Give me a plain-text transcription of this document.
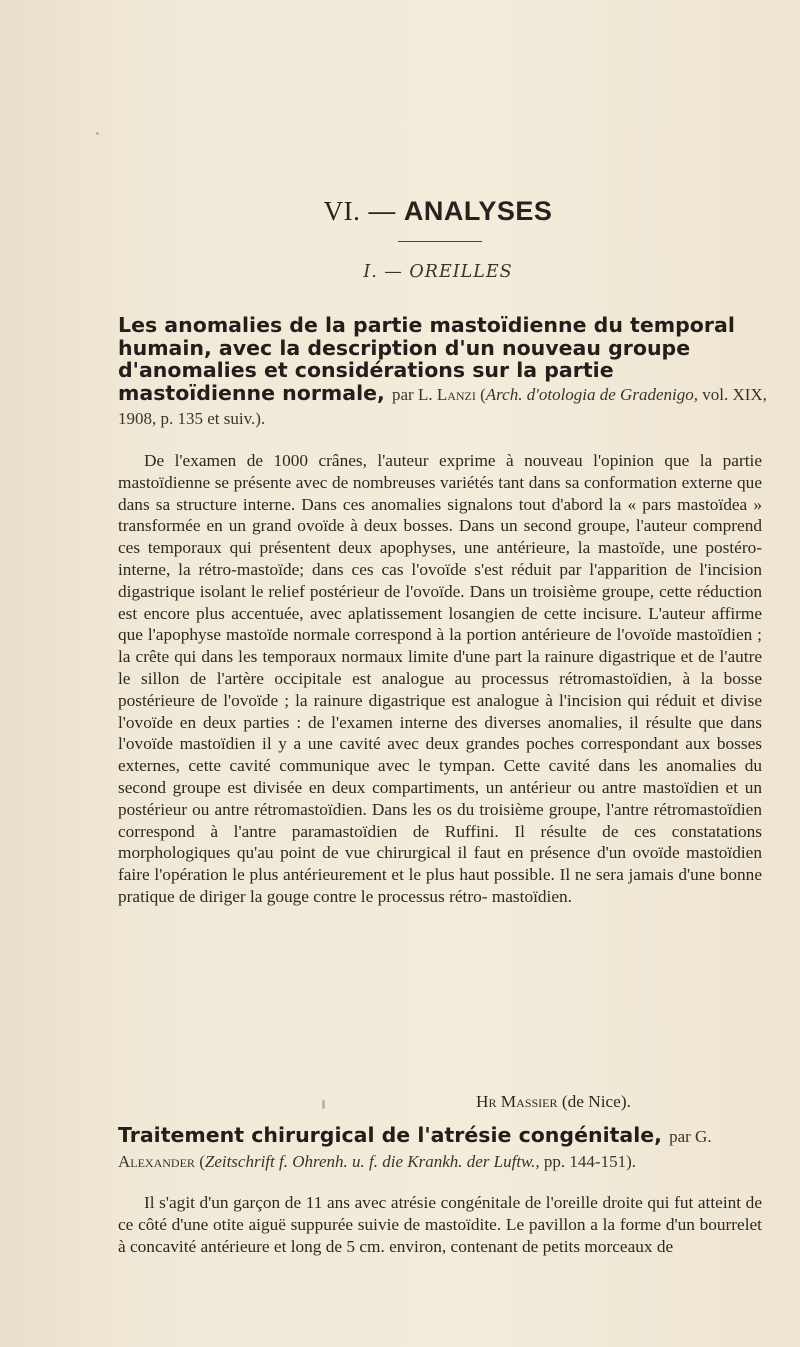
VI. — ANALYSES
I. — OREILLES
Les anomalies de la partie mastoïdienne du temporal humain, avec la description d'un nouveau groupe d'anomalies et considérations sur la partie mastoïdienne normale, par L. Lanzi (Arch. d'otologia de Gradenigo, vol. XIX, 1908, p. 135 et suiv.).
De l'examen de 1000 crânes, l'auteur exprime à nouveau l'opinion que la partie mastoïdienne se présente avec de nombreuses variétés tant dans sa conformation externe que dans sa structure interne. Dans ces anomalies signalons tout d'abord la « pars mastoïdea » transformée en un grand ovoïde à deux bosses. Dans un second groupe, l'auteur comprend ces temporaux qui présentent deux apophyses, une antérieure, la mastoïde, une postéro-interne, la rétro-mastoïde; dans ces cas l'ovoïde s'est réduit par l'apparition de l'incision digastrique isolant le relief postérieur de l'ovoïde. Dans un troisième groupe, cette réduction est encore plus accentuée, avec aplatissement losangien de cette incisure. L'auteur affirme que l'apophyse mastoïde normale correspond à la portion antérieure de l'ovoïde mastoïdien ; la crête qui dans les temporaux normaux limite d'une part la rainure digastrique et de l'autre le sillon de l'artère occipitale est analogue au processus rétromastoïdien, à la bosse postérieure de l'ovoïde ; la rainure digastrique est analogue à l'incision qui réduit et divise l'ovoïde en deux parties : de l'examen interne des diverses anomalies, il résulte que dans l'ovoïde mastoïdien il y a une cavité avec deux grandes poches correspondant aux bosses externes, cette cavité communique avec le tympan. Cette cavité dans les anomalies du second groupe est divisée en deux compartiments, un antérieur ou antre mastoïdien et un postérieur ou antre rétromastoïdien. Dans les os du troisième groupe, l'antre rétromastoïdien correspond à l'antre paramastoïdien de Ruffini. Il résulte de ces constatations morphologiques qu'au point de vue chirurgical il faut en présence d'un ovoïde mastoïdien faire l'opération le plus antérieurement et le plus haut possible. Il ne sera jamais d'une bonne pratique de diriger la gouge contre le processus rétro- mastoïdien.
Hr Massier (de Nice).
Traitement chirurgical de l'atrésie congénitale, par G. Alexander (Zeitschrift f. Ohrenh. u. f. die Krankh. der Luftw., pp. 144-151).
Il s'agit d'un garçon de 11 ans avec atrésie congénitale de l'oreille droite qui fut atteint de ce côté d'une otite aiguë suppurée suivie de mastoïdite. Le pavillon a la forme d'un bourrelet à concavité antérieure et long de 5 cm. environ, contenant de petits morceaux de
